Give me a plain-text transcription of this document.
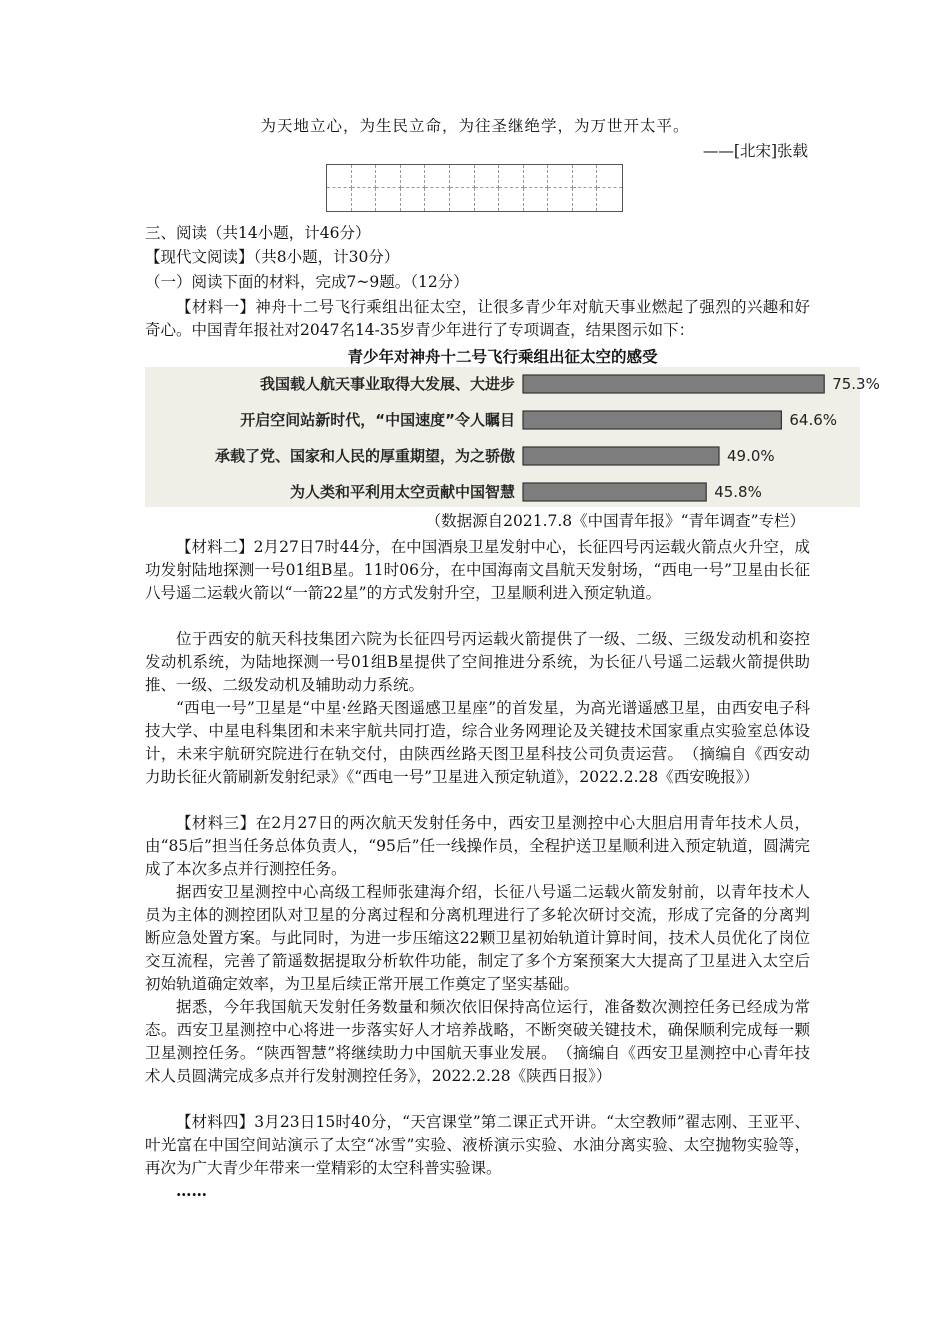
为天地立心，为生民立命，为往圣继绝学，为万世开太平。
——[北宋]张载
三、阅读（共14小题，计46分）
【现代文阅读】（共8小题，计30分）
（一）阅读下面的材料，完成7~9题。（12分）
【材料一】神舟十二号飞行乘组出征太空，让很多青少年对航天事业燃起了强烈的兴趣和好奇心。中国青年报社对2047名14-35岁青少年进行了专项调查，结果图示如下：
青少年对神舟十二号飞行乘组出征太空的感受
我国载人航天事业取得大发展、大进步	75.3%
开启空间站新时代，“中国速度”令人瞩目	64.6%
承载了党、国家和人民的厚重期望，为之骄傲	49.0%
为人类和平利用太空贡献中国智慧	45.8%
（数据源自2021.7.8《中国青年报》“青年调查”专栏）
【材料二】2月27日7时44分，在中国酒泉卫星发射中心，长征四号丙运载火箭点火升空，成功发射陆地探测一号01组B星。11时06分，在中国海南文昌航天发射场，“西电一号”卫星由长征八号遥二运载火箭以“一箭22星”的方式发射升空，卫星顺利进入预定轨道。
位于西安的航天科技集团六院为长征四号丙运载火箭提供了一级、二级、三级发动机和姿控发动机系统，为陆地探测一号01组B星提供了空间推进分系统，为长征八号遥二运载火箭提供助推、一级、二级发动机及辅助动力系统。
“西电一号”卫星是“中星·丝路天图遥感卫星座”的首发星，为高光谱遥感卫星，由西安电子科技大学、中星电科集团和未来宇航共同打造，综合业务网理论及关键技术国家重点实验室总体设计，未来宇航研究院进行在轨交付，由陕西丝路天图卫星科技公司负责运营。　（摘编自《西安动力助长征火箭刷新发射纪录》《“西电一号”卫星进入预定轨道》，2022.2.28《西安晚报》）
【材料三】在2月27日的两次航天发射任务中，西安卫星测控中心大胆启用青年技术人员，由“85后”担当任务总体负责人，“95后”任一线操作员，全程护送卫星顺利进入预定轨道，圆满完成了本次多点并行测控任务。
据西安卫星测控中心高级工程师张建海介绍，长征八号遥二运载火箭发射前，以青年技术人员为主体的测控团队对卫星的分离过程和分离机理进行了多轮次研讨交流，形成了完备的分离判断应急处置方案。与此同时，为进一步压缩这22颗卫星初始轨道计算时间，技术人员优化了岗位交互流程，完善了箭遥数据提取分析软件功能，制定了多个方案预案大大提高了卫星进入太空后初始轨道确定效率，为卫星后续正常开展工作奠定了坚实基础。
据悉，今年我国航天发射任务数量和频次依旧保持高位运行，准备数次测控任务已经成为常态。西安卫星测控中心将进一步落实好人才培养战略，不断突破关键技术，确保顺利完成每一颗卫星测控任务。“陕西智慧”将继续助力中国航天事业发展。　（摘编自《西安卫星测控中心青年技术人员圆满完成多点并行发射测控任务》，2022.2.28《陕西日报》）
【材料四】3月23日15时40分，“天宫课堂”第二课正式开讲。“太空教师”翟志刚、王亚平、叶光富在中国空间站演示了太空“冰雪”实验、液桥演示实验、水油分离实验、太空抛物实验等，再次为广大青少年带来一堂精彩的太空科普实验课。
……
